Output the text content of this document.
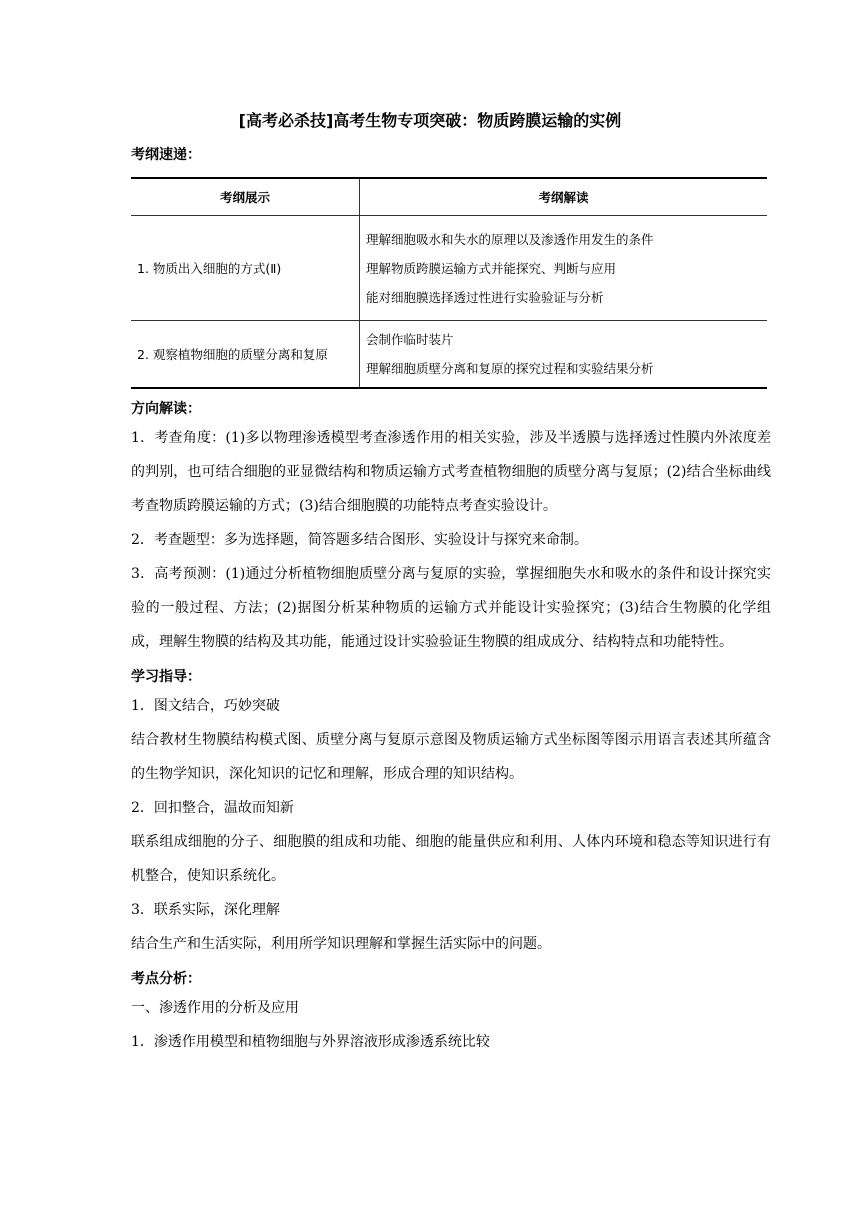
[高考必杀技]高考生物专项突破：物质跨膜运输的实例
考纲速递：
考纲展示	考纲解读
1. 物质出入细胞的方式(Ⅱ)	理解细胞吸水和失水的原理以及渗透作用发生的条件
理解物质跨膜运输方式并能探究、判断与应用
能对细胞膜选择透过性进行实验验证与分析

2. 观察植物细胞的质壁分离和复原	会制作临时装片
理解细胞质壁分离和复原的探究过程和实验结果分析
方向解读：

1．考查角度：(1)多以物理渗透模型考查渗透作用的相关实验，涉及半透膜与选择透过性膜内外浓度差的判别，也可结合细胞的亚显微结构和物质运输方式考查植物细胞的质壁分离与复原；(2)结合坐标曲线考查物质跨膜运输的方式；(3)结合细胞膜的功能特点考查实验设计。

2．考查题型：多为选择题，简答题多结合图形、实验设计与探究来命制。

3．高考预测：(1)通过分析植物细胞质壁分离与复原的实验，掌握细胞失水和吸水的条件和设计探究实验的一般过程、方法；(2)据图分析某种物质的运输方式并能设计实验探究；(3)结合生物膜的化学组成，理解生物膜的结构及其功能，能通过设计实验验证生物膜的组成成分、结构特点和功能特性。

学习指导：

1．图文结合，巧妙突破

结合教材生物膜结构模式图、质壁分离与复原示意图及物质运输方式坐标图等图示用语言表述其所蕴含的生物学知识，深化知识的记忆和理解，形成合理的知识结构。

2．回扣整合，温故而知新

联系组成细胞的分子、细胞膜的组成和功能、细胞的能量供应和利用、人体内环境和稳态等知识进行有机整合，使知识系统化。

3．联系实际，深化理解

结合生产和生活实际，利用所学知识理解和掌握生活实际中的问题。

考点分析：

一、渗透作用的分析及应用

1．渗透作用模型和植物细胞与外界溶液形成渗透系统比较
